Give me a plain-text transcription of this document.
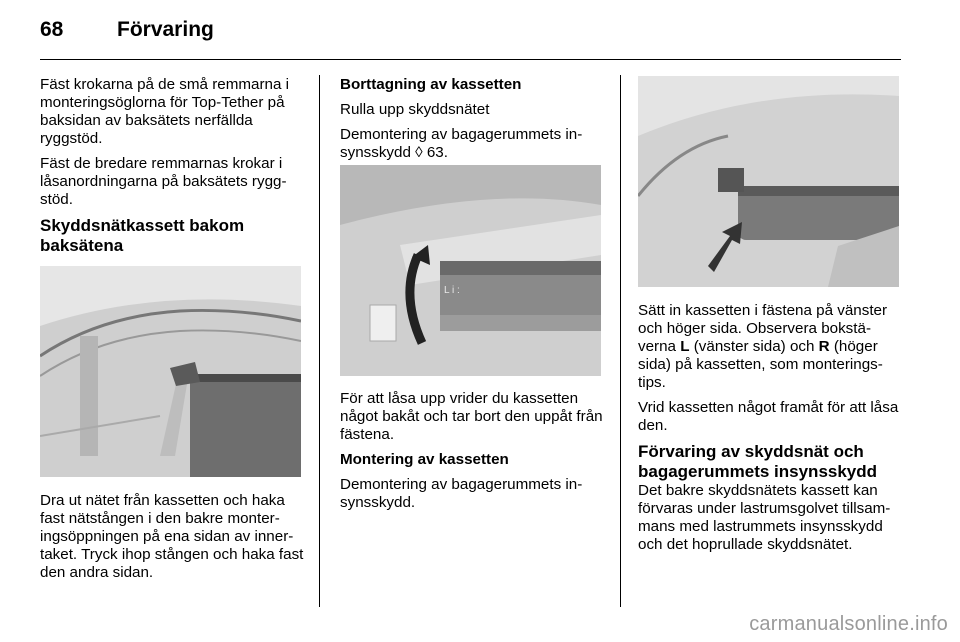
68	Förvaring

Fäst krokarna på de små remmarna i monteringsöglorna för Top-Tether på baksidan av baksätets nerfällda ryggstöd.

Fäst de bredare remmarnas krokar i låsanordningarna på baksätets rygg-stöd.

Skyddsnätkassett bakom baksätena

Dra ut nätet från kassetten och haka fast nätstången i den bakre monter-ingsöppningen på ena sidan av inner-taket. Tryck ihop stången och haka fast den andra sidan.

Borttagning av kassetten

Rulla upp skyddsnätet

Demontering av bagagerummets in-synsskydd ◊ 63.

L i :

För att låsa upp vrider du kassetten något bakåt och tar bort den uppåt från fästena.

Montering av kassetten

Demontering av bagagerummets in-synsskydd.

Sätt in kassetten i fästena på vänster och höger sida. Observera bokstä-verna L (vänster sida) och R (höger sida) på kassetten, som monterings-tips.

Vrid kassetten något framåt för att låsa den.

Förvaring av skyddsnät och bagagerummets insynsskydd

Det bakre skyddsnätets kassett kan förvaras under lastrumsgolvet tillsam-mans med lastrummets insynsskydd och det hoprullade skyddsnätet.

carmanualsonline.info
